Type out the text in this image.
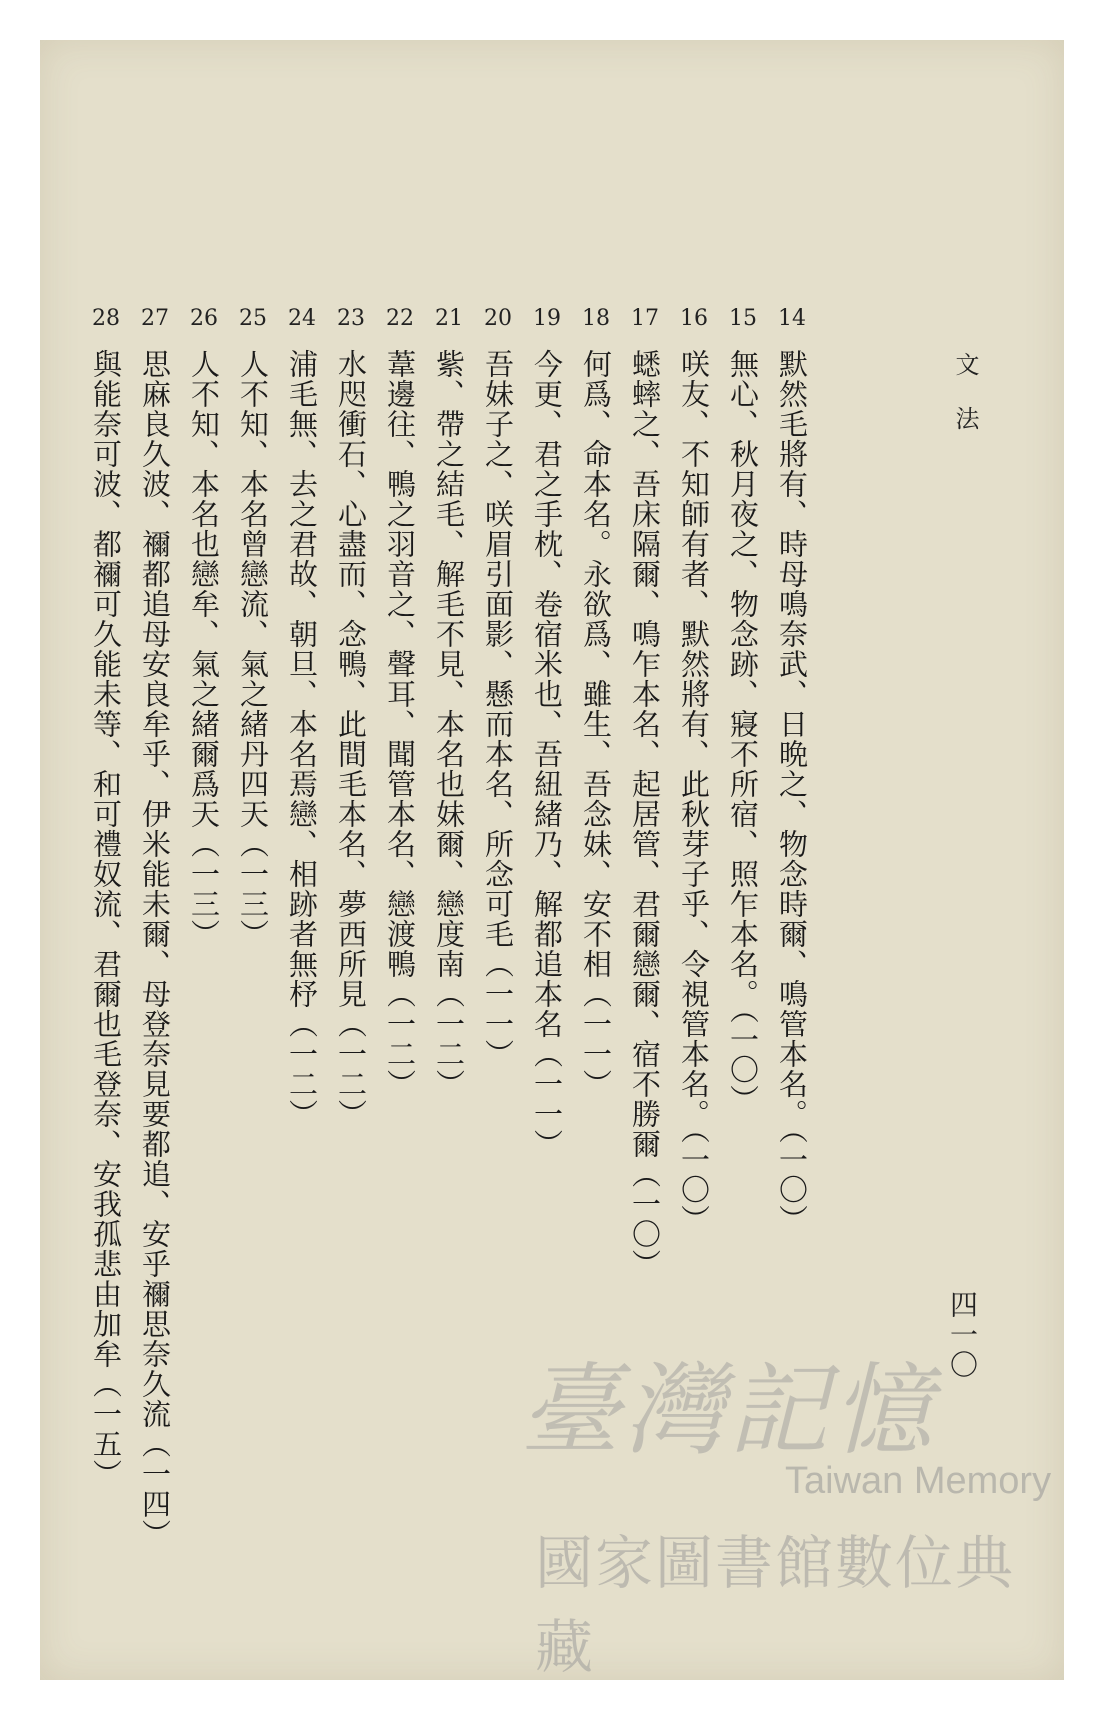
文法
四一〇
14
默然毛將有、時母鳴奈武、日晩之、物念時爾、鳴管本名。（一〇）
15
無心、秋月夜之、物念跡、寢不所宿、照乍本名。（一〇）
16
咲友、不知師有者、默然將有、此秋芽子乎、令視管本名。（一〇）
17
蟋蟀之、吾床隔爾、鳴乍本名、起居管、君爾戀爾、宿不勝爾（一〇）
18
何爲、命本名。永欲爲、雖生、吾念妹、安不相（一一）
19
今更、君之手枕、卷宿米也、吾紐緒乃、解都追本名（一一）
20
吾妹子之、咲眉引面影、懸而本名、所念可毛（一一）
21
紫、帶之結毛、解毛不見、本名也妹爾、戀度南（一二）
22
葦邊往、鴨之羽音之、聲耳、聞管本名、戀渡鴨（一二）
23
水咫衝石、心盡而、念鴨、此間毛本名、夢西所見（一二）
24
浦毛無、去之君故、朝旦、本名焉戀、相跡者無杼（一二）
25
人不知、本名曾戀流、氣之緒丹四天（一三）
26
人不知、本名也戀牟、氣之緒爾爲天（一三）
27
思麻良久波、禰都追母安良牟乎、伊米能未爾、母登奈見要都追、安乎禰思奈久流（一四）
28
與能奈可波、都禰可久能未等、和可禮奴流、君爾也毛登奈、安我孤悲由加牟（一五）	臺灣記憶
Taiwan Memory
國家圖書館數位典藏
